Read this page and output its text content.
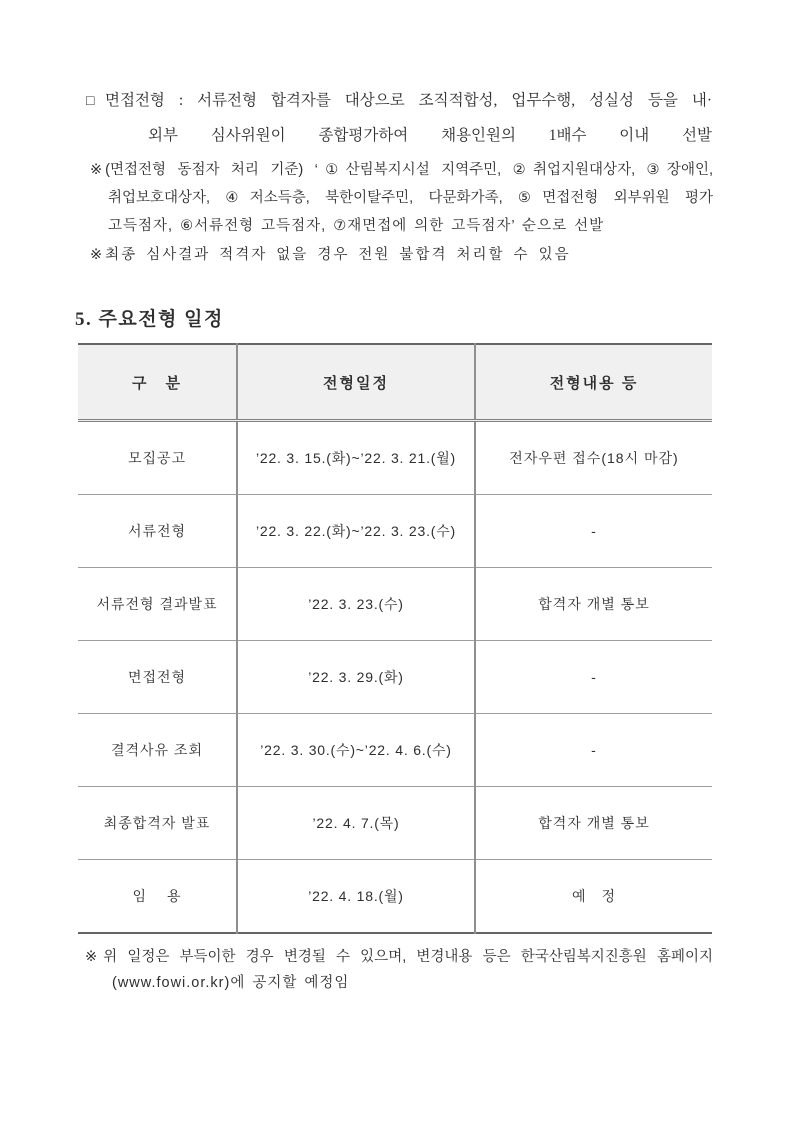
□ 면접전형 : 서류전형 합격자를 대상으로 조직적합성, 업무수행, 성실성 등을 내·
외부 심사위원이 종합평가하여 채용인원의 1배수 이내 선발
※ (면접전형 동점자 처리 기준) ‘①산림복지시설 지역주민, ②취업지원대상자, ③장애인,
취업보호대상자, ④저소득층, 북한이탈주민, 다문화가족, ⑤면접전형 외부위원 평가
고득점자, ⑥서류전형 고득점자, ⑦재면접에 의한 고득점자’ 순으로 선발
※ 최종 심사결과 적격자 없을 경우 전원 불합격 처리할 수 있음
5. 주요전형 일정
구　분	전형일정	전형내용 등
모집공고	’22. 3. 15.(화)~’22. 3. 21.(월)	전자우편 접수(18시 마감)
서류전형	’22. 3. 22.(화)~’22. 3. 23.(수)	-
서류전형 결과발표	’22. 3. 23.(수)	합격자 개별 통보
면접전형	’22. 3. 29.(화)	-
결격사유 조회	’22. 3. 30.(수)~’22. 4. 6.(수)	-
최종합격자 발표	’22. 4. 7.(목)	합격자 개별 통보
임　 용	’22. 4. 18.(월)	예　정
※ 위 일정은 부득이한 경우 변경될 수 있으며, 변경내용 등은 한국산림복지진흥원 홈페이지
(www.fowi.or.kr)에 공지할 예정임
